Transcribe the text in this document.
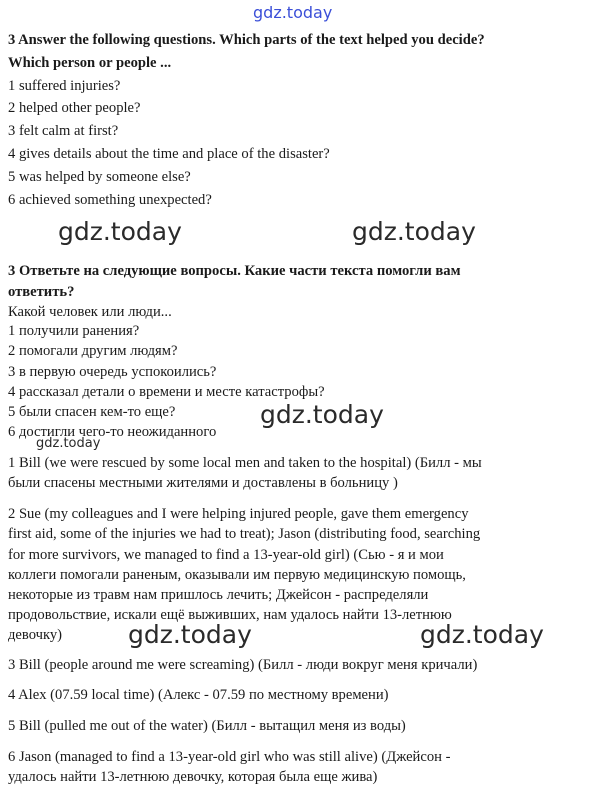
gdz.today
3 Answer the following questions. Which parts of the text helped you decide?
Which person or people ...
1 suffered injuries?
2 helped other people?
3 felt calm at first?
4 gives details about the time and place of the disaster?
5 was helped by someone else?
6 achieved something unexpected?
gdz.today	gdz.today
3 Ответьте на следующие вопросы. Какие части текста помогли вам
ответить?
Какой человек или люди...
1 получили ранения?
2 помогали другим людям?
3 в первую очередь успокоились?
4 рассказал детали о времени и месте катастрофы?
5 были спасен кем-то еще?
6 достигли чего-то неожиданного
gdz.today
gdz.today
1 Bill (we were rescued by some local men and taken to the hospital) (Билл - мы
были спасены местными жителями и доставлены в больницу )
2 Sue (my colleagues and I were helping injured people, gave them emergency
first aid, some of the injuries we had to treat); Jason (distributing food, searching
for more survivors, we managed to find a 13-year-old girl) (Сью - я и мои
коллеги помогали раненым, оказывали им первую медицинскую помощь,
некоторые из травм нам пришлось лечить; Джейсон - распределяли
продовольствие, искали ещё выживших, нам удалось найти 13-летнюю
девочку)	gdz.today	gdz.today
3 Bill (people around me were screaming) (Билл - люди вокруг меня кричали)
4 Alex (07.59 local time) (Алекс - 07.59 по местному времени)
5 Bill (pulled me out of the water) (Билл - вытащил меня из воды)
6 Jason (managed to find a 13-year-old girl who was still alive) (Джейсон -
удалось найти 13-летнюю девочку, которая была еще жива)
